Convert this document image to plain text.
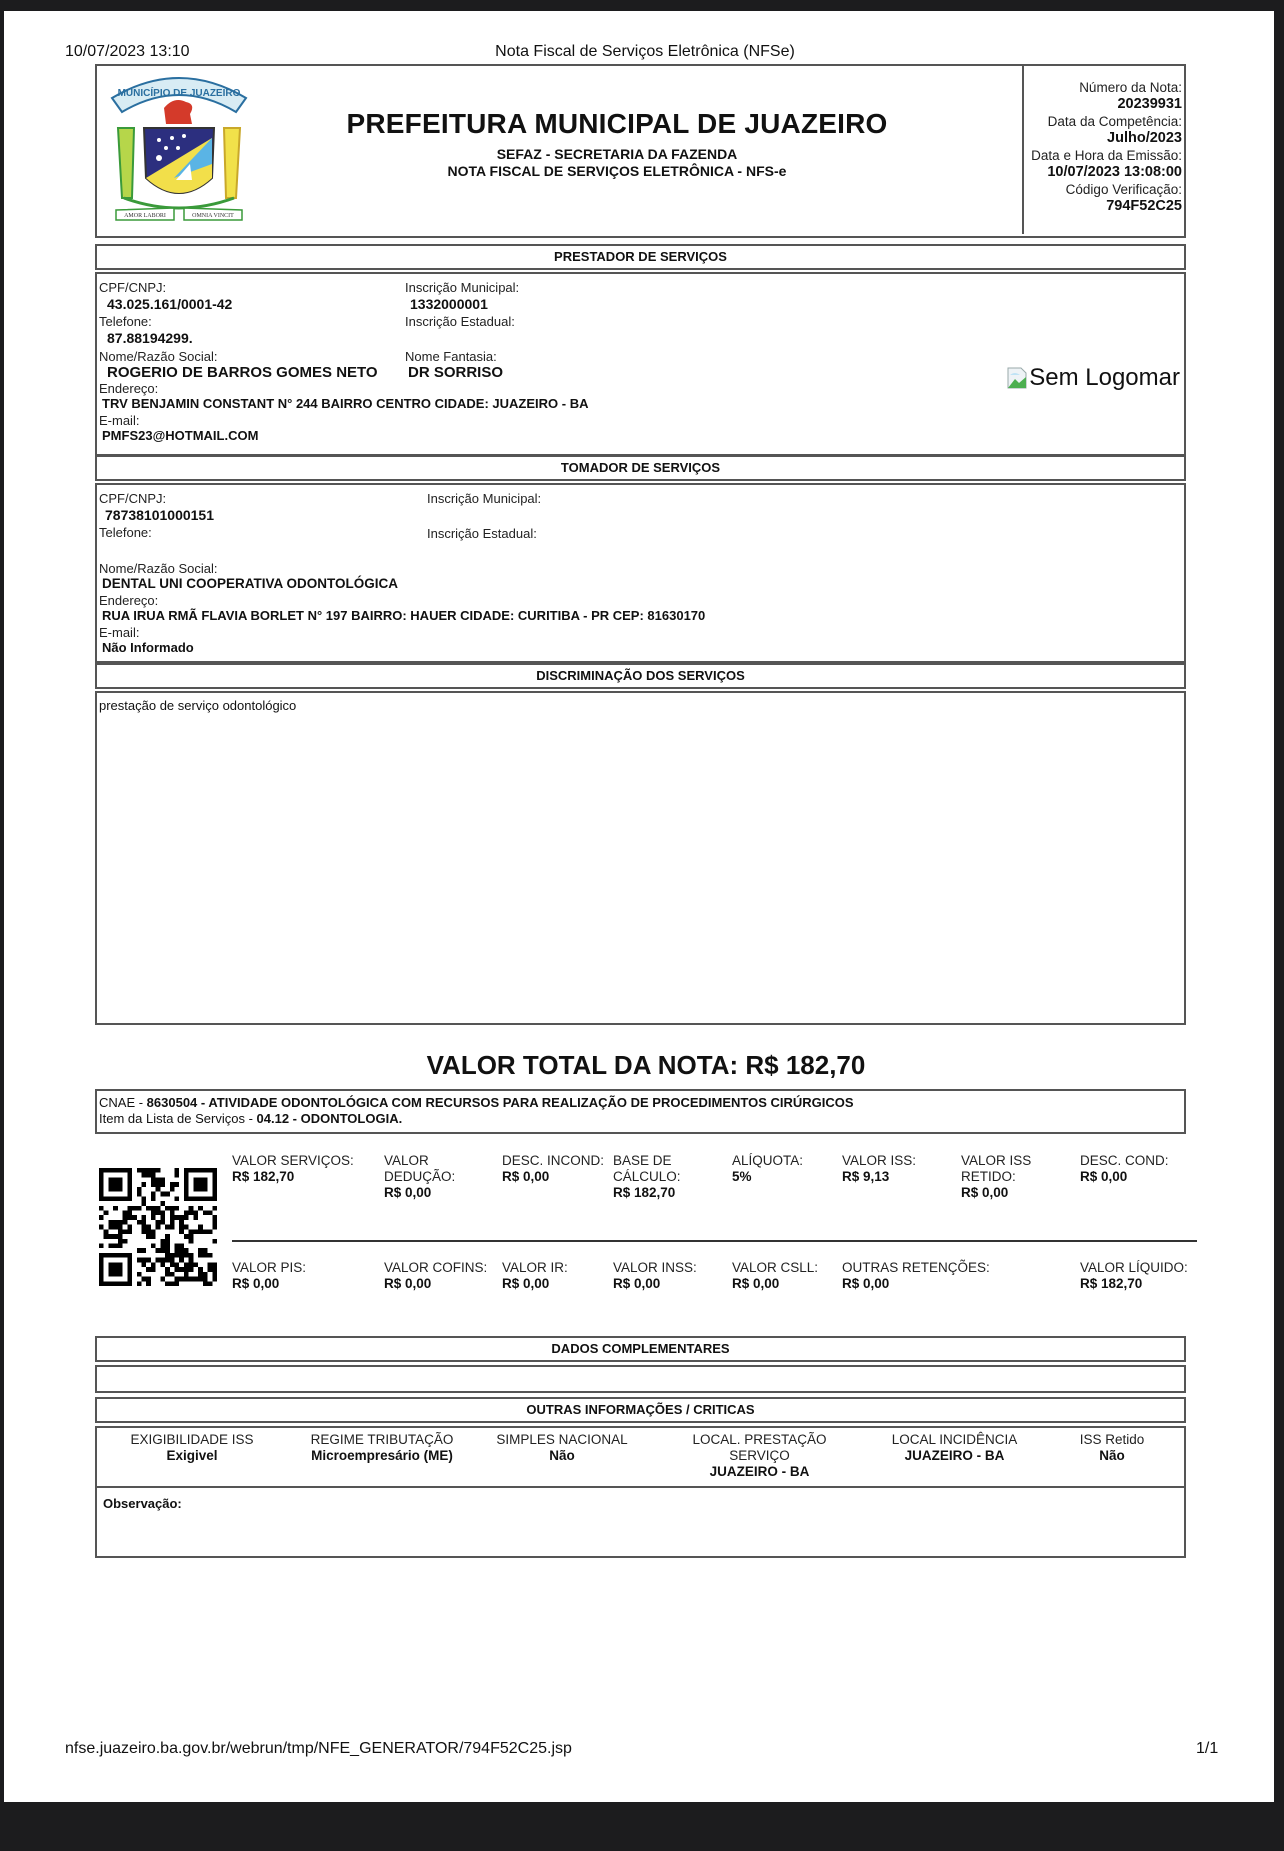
10/07/2023 13:10	Nota Fiscal de Serviços Eletrônica (NFSe)
nfse.juazeiro.ba.gov.br/webrun/tmp/NFE_GENERATOR/794F52C25.jsp	1/1
MUNICÍPIO DE JUAZEIRO
AMOR LABORI	OMNIA VINCIT
PREFEITURA MUNICIPAL DE JUAZEIRO
SEFAZ - SECRETARIA DA FAZENDA
NOTA FISCAL DE SERVIÇOS ELETRÔNICA - NFS-e
Número da Nota:
20239931
Data da Competência:
Julho/2023
Data e Hora da Emissão:
10/07/2023 13:08:00
Código Verificação:
794F52C25
PRESTADOR DE SERVIÇOS
CPF/CNPJ:
43.025.161/0001-42
Inscrição Municipal:
1332000001
Telefone:
87.88194299.
Inscrição Estadual:
Nome/Razão Social:
ROGERIO DE BARROS GOMES NETO
Nome Fantasia:
DR SORRISO
Endereço:
TRV BENJAMIN CONSTANT N° 244 BAIRRO CENTRO CIDADE: JUAZEIRO - BA
E-mail:
PMFS23@HOTMAIL.COM
Sem Logomar
TOMADOR DE SERVIÇOS
CPF/CNPJ:
78738101000151
Inscrição Municipal:
Telefone:	Inscrição Estadual:
Nome/Razão Social:
DENTAL UNI COOPERATIVA ODONTOLÓGICA
Endereço:
RUA IRUA RMÃ FLAVIA BORLET N° 197 BAIRRO: HAUER CIDADE: CURITIBA - PR CEP: 81630170
E-mail:
Não Informado
DISCRIMINAÇÃO DOS SERVIÇOS
prestação de serviço odontológico
VALOR TOTAL DA NOTA: R$ 182,70
CNAE - 8630504 - ATIVIDADE ODONTOLÓGICA COM RECURSOS PARA REALIZAÇÃO DE PROCEDIMENTOS CIRÚRGICOS
Item da Lista de Serviços - 04.12 - ODONTOLOGIA.
VALOR SERVIÇOS:
R$ 182,70
VALOR DEDUÇÃO:
R$ 0,00
DESC. INCOND:
R$ 0,00
BASE DE CÁLCULO:
R$ 182,70
ALÍQUOTA:
5%
VALOR ISS:
R$ 9,13
VALOR ISS RETIDO:
R$ 0,00
DESC. COND:
R$ 0,00
VALOR PIS:
R$ 0,00
VALOR COFINS:
R$ 0,00
VALOR IR:
R$ 0,00
VALOR INSS:
R$ 0,00
VALOR CSLL:
R$ 0,00
OUTRAS RETENÇÕES:
R$ 0,00
VALOR LÍQUIDO:
R$ 182,70
DADOS COMPLEMENTARES
OUTRAS INFORMAÇÕES / CRITICAS
EXIGIBILIDADE ISS
Exigivel
REGIME TRIBUTAÇÃO
Microempresário (ME)
SIMPLES NACIONAL
Não
LOCAL. PRESTAÇÃO SERVIÇO
JUAZEIRO - BA
LOCAL INCIDÊNCIA
JUAZEIRO - BA
ISS Retido
Não
Observação:
